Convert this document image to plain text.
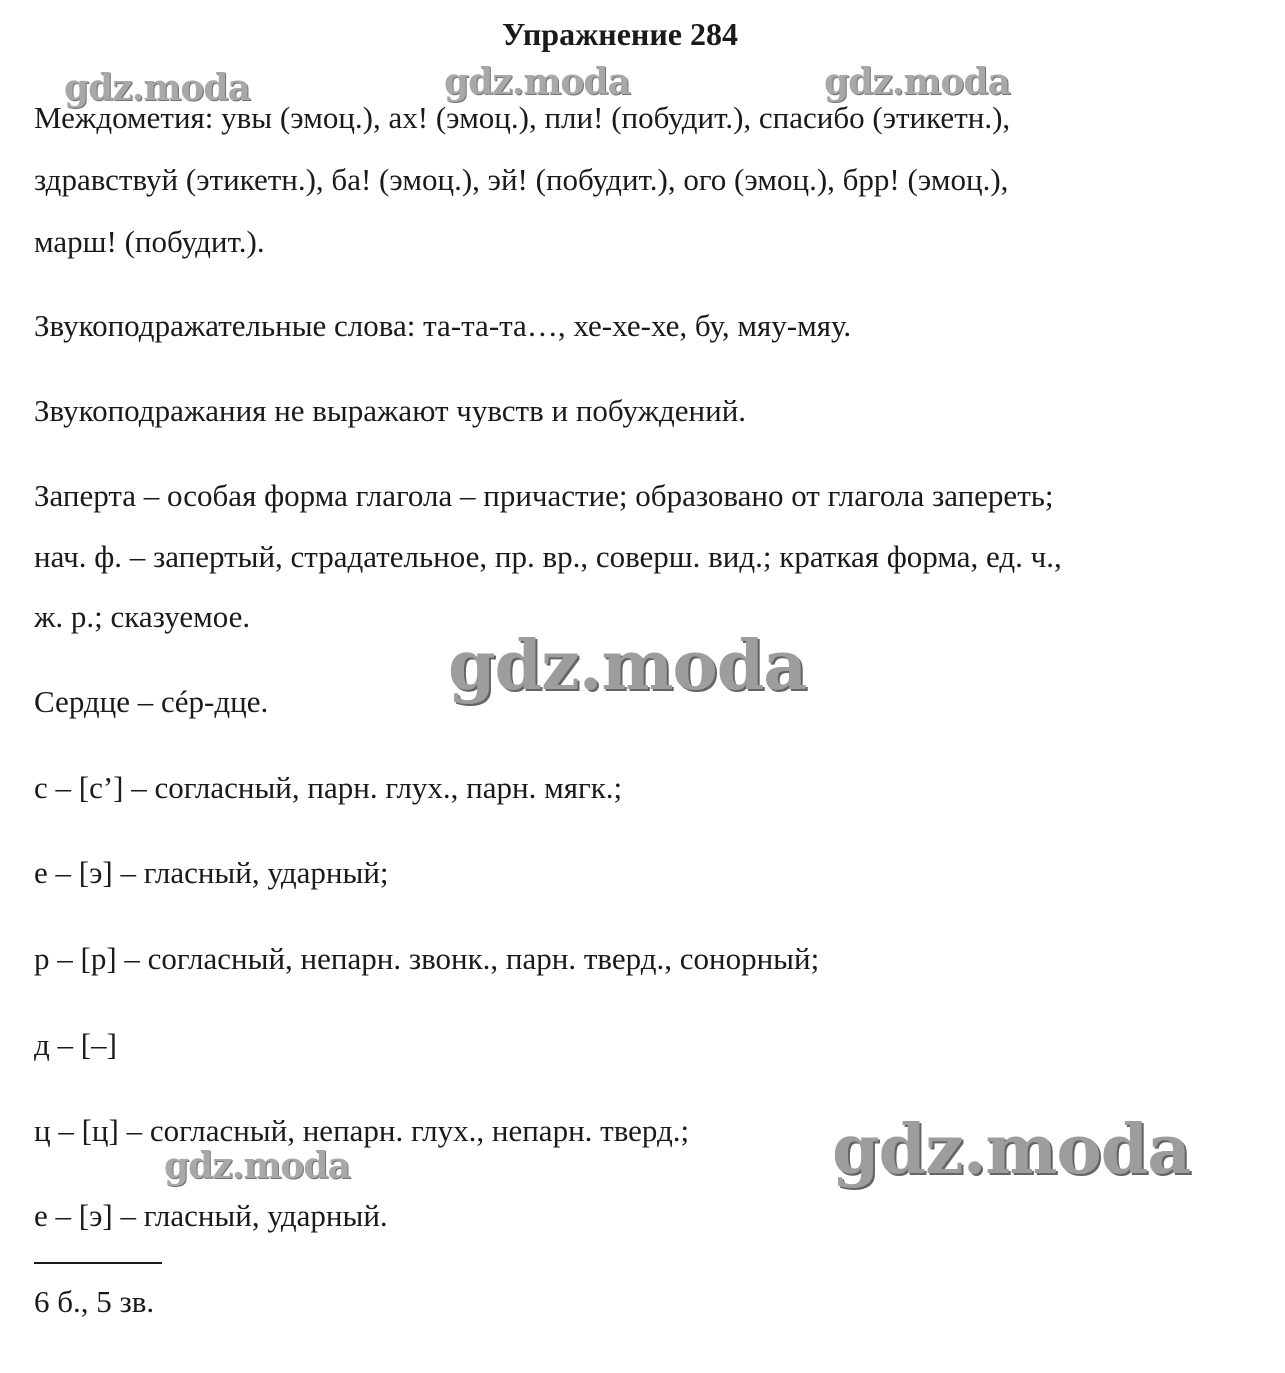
Упражнение 284
Междометия: увы (эмоц.), ах! (эмоц.), пли! (побудит.), спасибо (этикетн.),
здравствуй (этикетн.), ба! (эмоц.), эй! (побудит.), ого (эмоц.), брр! (эмоц.),
марш! (побудит.).
Звукоподражательные слова: та-та-та…, хе-хе-хе, бу, мяу-мяу.
Звукоподражания не выражают чувств и побуждений.
Заперта – особая форма глагола – причастие; образовано от глагола запереть;
нач. ф. – запертый, страдательное, пр. вр., соверш. вид.; краткая форма, ед. ч.,
ж. р.; сказуемое.
Сердце – сéр-дце.
с – [с’] – согласный, парн. глух., парн. мягк.;
е – [э] – гласный, ударный;
р – [р] – согласный, непарн. звонк., парн. тверд., сонорный;
д – [–]
ц – [ц] – согласный, непарн. глух., непарн. тверд.;
е – [э] – гласный, ударный.
6 б., 5 зв.
gdz.moda	gdz.moda	gdz.moda
gdz.moda
gdz.moda
gdz.moda
